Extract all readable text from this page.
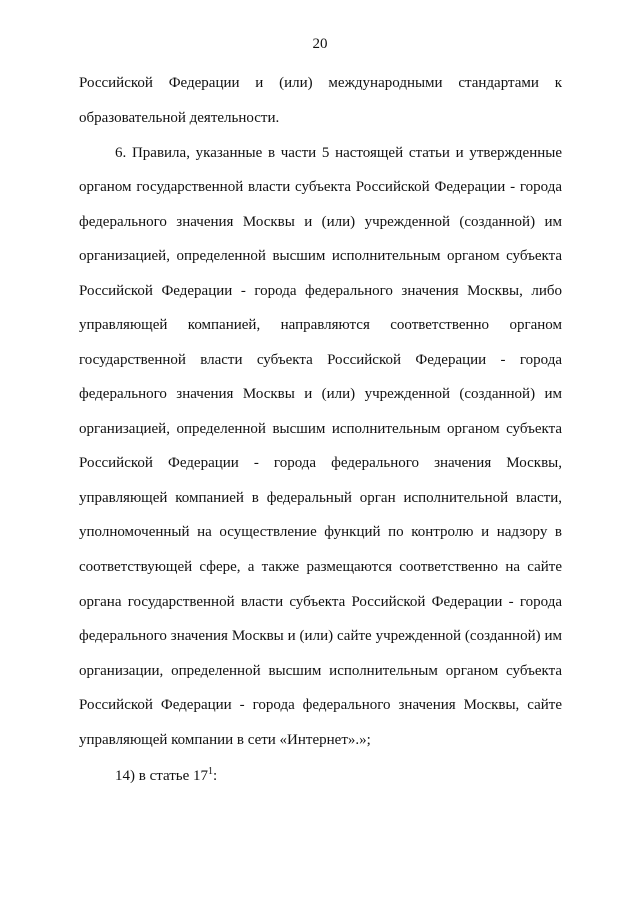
20
Российской Федерации и (или) международными стандартами к
образовательной деятельности.
6. Правила, указанные в части 5 настоящей статьи и утвержденные
органом государственной власти субъекта Российской Федерации - города
федерального значения Москвы и (или) учрежденной (созданной) им
организацией, определенной высшим исполнительным органом субъекта
Российской Федерации - города федерального значения Москвы, либо
управляющей компанией, направляются соответственно органом
государственной власти субъекта Российской Федерации - города
федерального значения Москвы и (или) учрежденной (созданной) им
организацией, определенной высшим исполнительным органом субъекта
Российской Федерации - города федерального значения Москвы,
управляющей компанией в федеральный орган исполнительной власти,
уполномоченный на осуществление функций по контролю и надзору в
соответствующей сфере, а также размещаются соответственно на сайте
органа государственной власти субъекта Российской Федерации - города
федерального значения Москвы и (или) сайте учрежденной (созданной) им
организации, определенной высшим исполнительным органом субъекта
Российской Федерации - города федерального значения Москвы, сайте
управляющей компании в сети «Интернет».»;
14) в статье $17^1$:
